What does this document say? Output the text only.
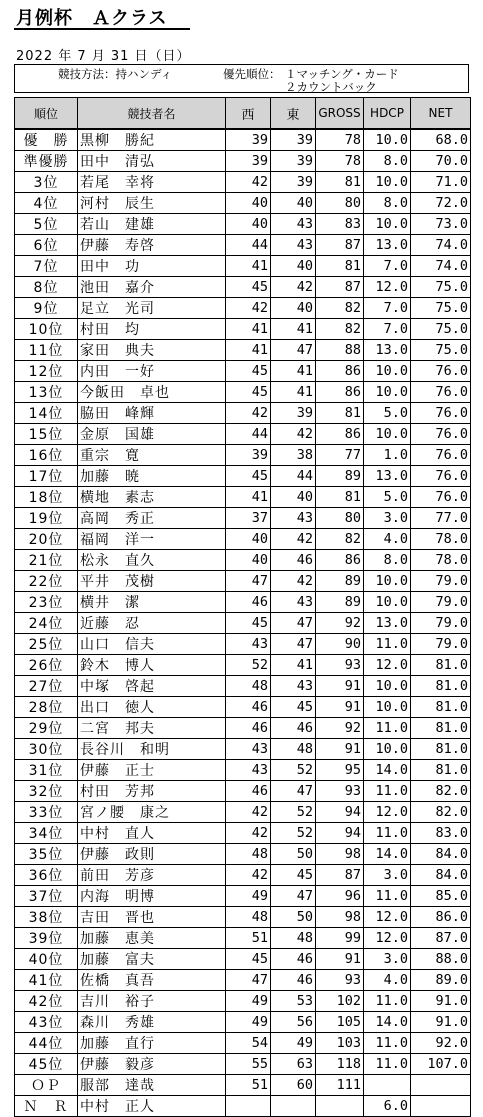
月例杯　Ａクラス
2022 年 7 月 31 日（日）
競技方法：持ハンディ	優先順位： １マッチング・カード
２カウントバック
順位	競技者名	西	東	GROSS	HDCP	NET
優　勝	黒柳　勝紀	39	39	78	10.0	68.0
準優勝	田中　清弘	39	39	78	8.0	70.0
3位	若尾　幸将	42	39	81	10.0	71.0
4位	河村　辰生	40	40	80	8.0	72.0
5位	若山　建雄	40	43	83	10.0	73.0
6位	伊藤　寿啓	44	43	87	13.0	74.0
7位	田中　功	41	40	81	7.0	74.0
8位	池田　嘉介	45	42	87	12.0	75.0
9位	足立　光司	42	40	82	7.0	75.0
10位	村田　均	41	41	82	7.0	75.0
11位	家田　典夫	41	47	88	13.0	75.0
12位	内田　一好	45	41	86	10.0	76.0
13位	今飯田　卓也	45	41	86	10.0	76.0
14位	脇田　峰輝	42	39	81	5.0	76.0
15位	金原　国雄	44	42	86	10.0	76.0
16位	重宗　寛	39	38	77	1.0	76.0
17位	加藤　暁	45	44	89	13.0	76.0
18位	横地　素志	41	40	81	5.0	76.0
19位	高岡　秀正	37	43	80	3.0	77.0
20位	福岡　洋一	40	42	82	4.0	78.0
21位	松永　直久	40	46	86	8.0	78.0
22位	平井　茂樹	47	42	89	10.0	79.0
23位	横井　潔	46	43	89	10.0	79.0
24位	近藤　忍	45	47	92	13.0	79.0
25位	山口　信夫	43	47	90	11.0	79.0
26位	鈴木　博人	52	41	93	12.0	81.0
27位	中塚　啓起	48	43	91	10.0	81.0
28位	出口　徳人	46	45	91	10.0	81.0
29位	二宮　邦夫	46	46	92	11.0	81.0
30位	長谷川　和明	43	48	91	10.0	81.0
31位	伊藤　正士	43	52	95	14.0	81.0
32位	村田　芳邦	46	47	93	11.0	82.0
33位	宮ノ腰　康之	42	52	94	12.0	82.0
34位	中村　直人	42	52	94	11.0	83.0
35位	伊藤　政則	48	50	98	14.0	84.0
36位	前田　芳彦	42	45	87	3.0	84.0
37位	内海　明博	49	47	96	11.0	85.0
38位	吉田　晋也	48	50	98	12.0	86.0
39位	加藤　恵美	51	48	99	12.0	87.0
40位	加藤　富夫	45	46	91	3.0	88.0
41位	佐橋　真吾	47	46	93	4.0	89.0
42位	吉川　裕子	49	53	102	11.0	91.0
43位	森川　秀雄	49	56	105	14.0	91.0
44位	加藤　直行	54	49	103	11.0	92.0
45位	伊藤　毅彦	55	63	118	11.0	107.0
ＯＰ	服部　達哉	51	60	111		
Ｎ　Ｒ	中村　正人				6.0	
